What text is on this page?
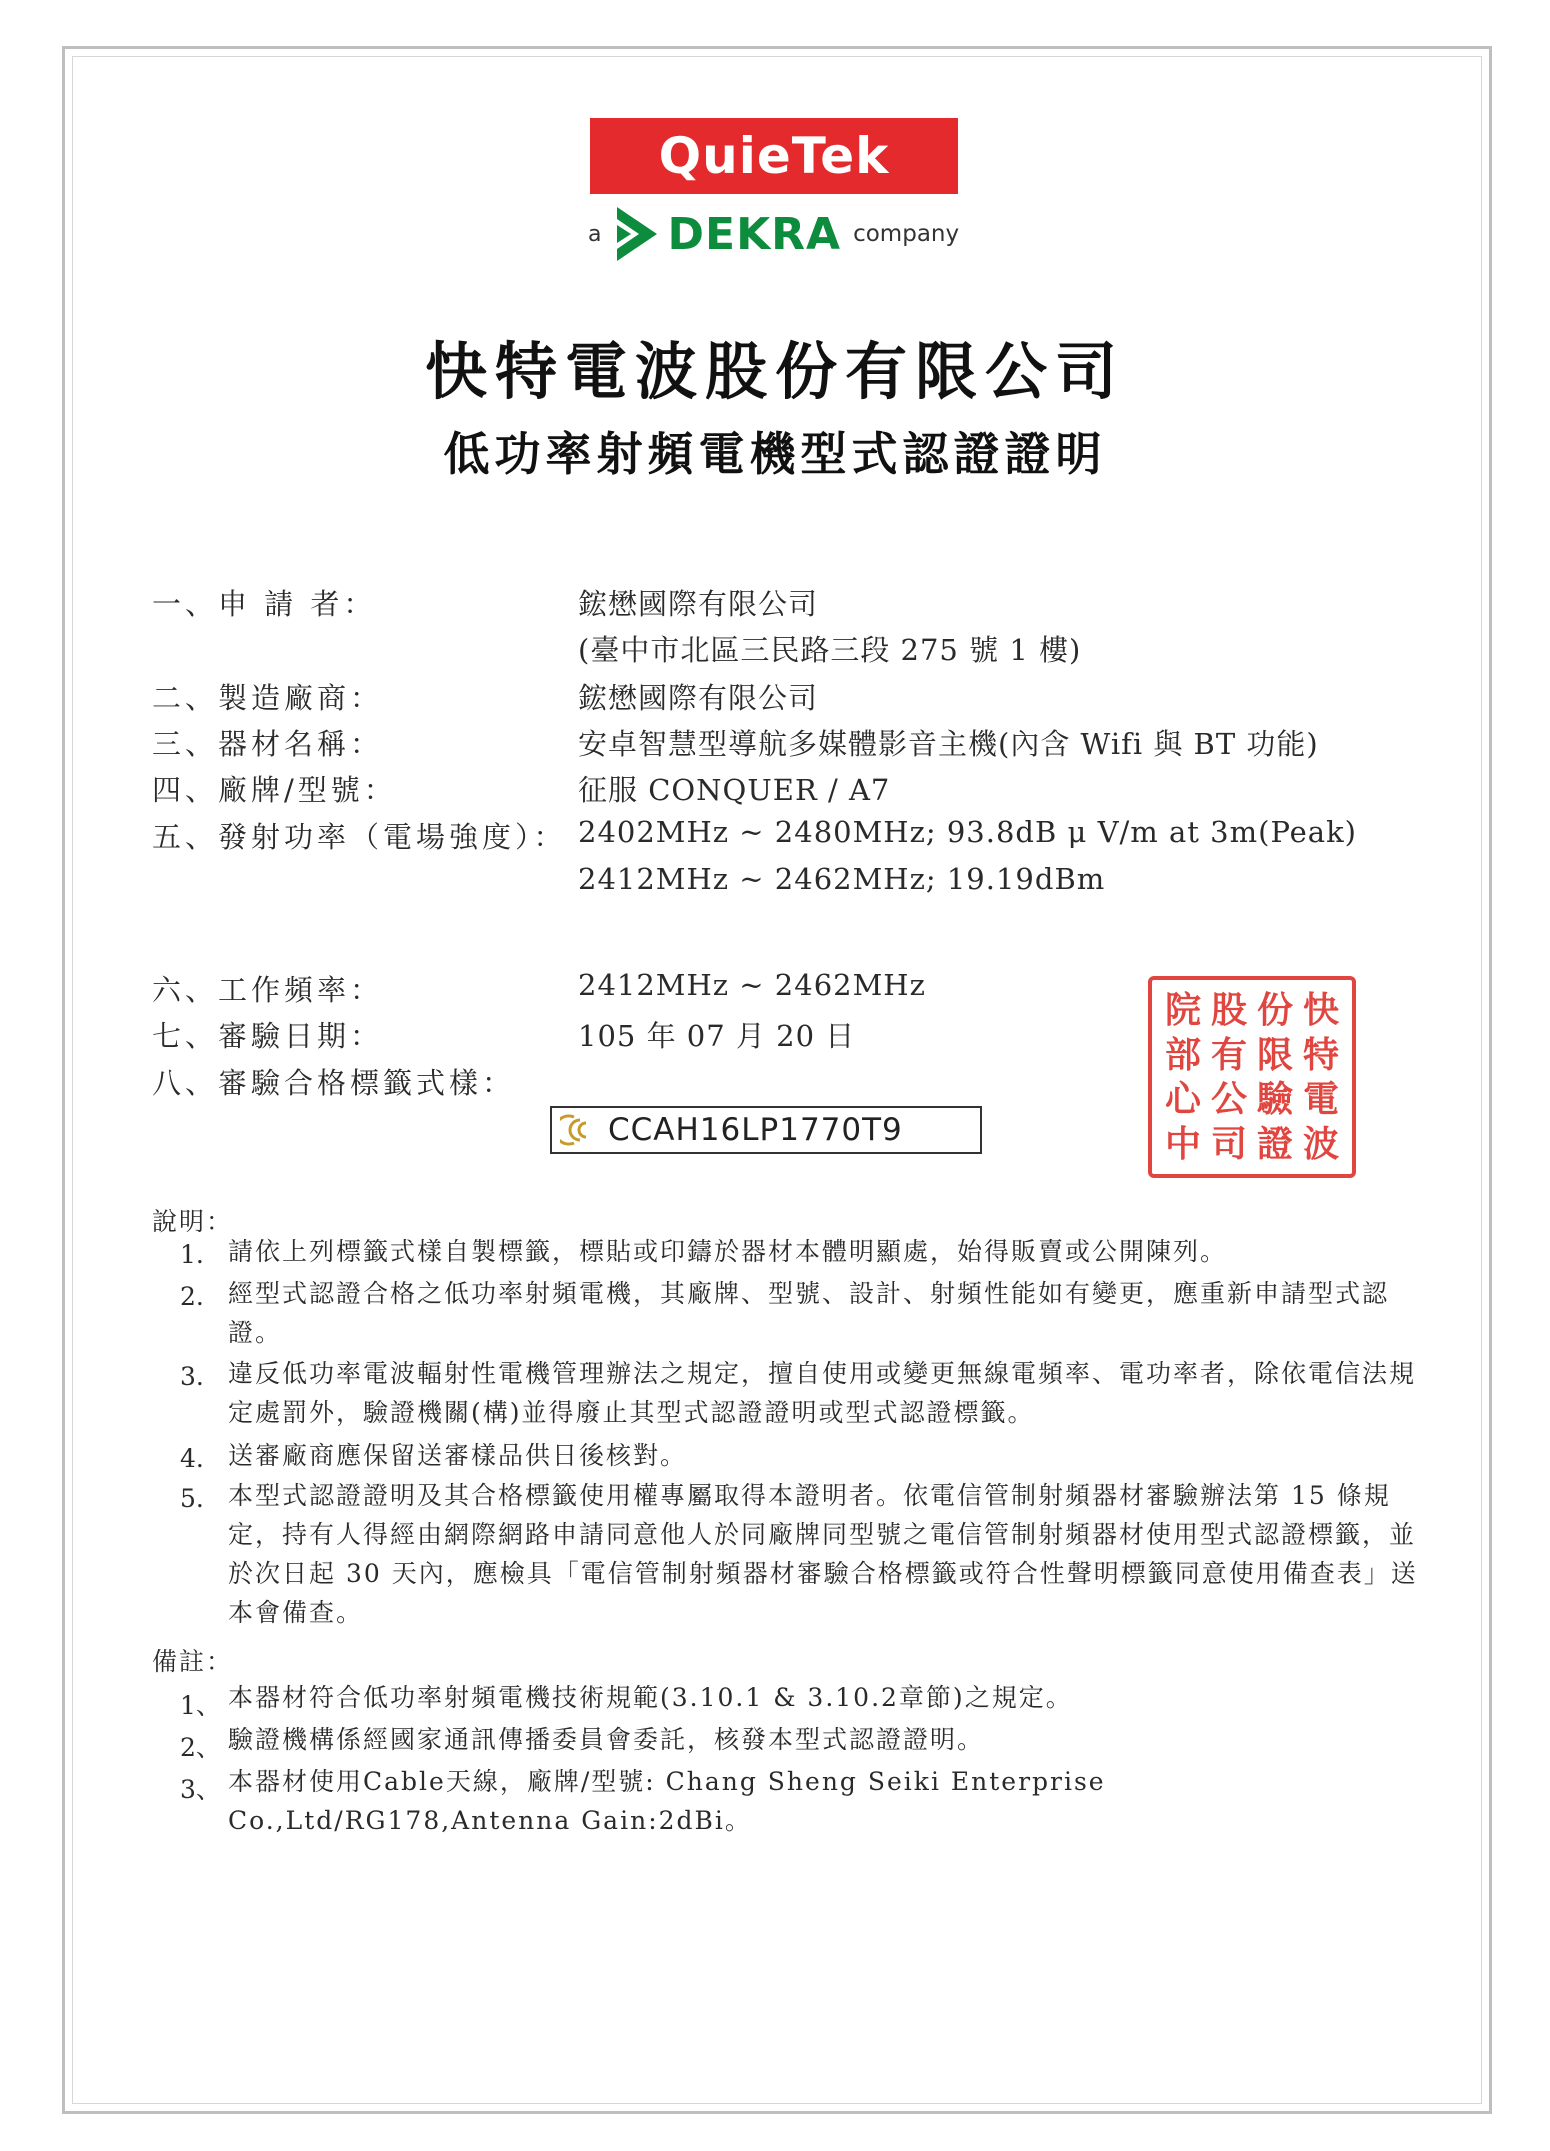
QuieTek
a DEKRA company
快特電波股份有限公司
低功率射頻電機型式認證證明
一、申 請 者：	鋐懋國際有限公司
(臺中市北區三民路三段 275 號 1 樓)
二、製造廠商：	鋐懋國際有限公司
三、器材名稱：	安卓智慧型導航多媒體影音主機(內含 Wifi 與 BT 功能)
四、廠牌/型號：	征服 CONQUER / A7
五、發射功率（電場強度）： 2402MHz ~ 2480MHz; 93.8dB μ V/m at 3m(Peak)
2412MHz ~ 2462MHz; 19.19dBm
六、工作頻率：	2412MHz ~ 2462MHz
七、審驗日期：	105 年 07 月 20 日
八、審驗合格標籤式樣：
CCAH16LP1770T9
院 股 份 快
部 有 限 特
心 公 驗 電
中 司 證 波
說明：
1. 請依上列標籤式樣自製標籤，標貼或印鑄於器材本體明顯處，始得販賣或公開陳列。
2. 經型式認證合格之低功率射頻電機，其廠牌、型號、設計、射頻性能如有變更，應重新申請型式認證。
3. 違反低功率電波輻射性電機管理辦法之規定，擅自使用或變更無線電頻率、電功率者，除依電信法規定處罰外，驗證機關(構)並得廢止其型式認證證明或型式認證標籤。
4. 送審廠商應保留送審樣品供日後核對。
5. 本型式認證證明及其合格標籤使用權專屬取得本證明者。依電信管制射頻器材審驗辦法第 15 條規定，持有人得經由網際網路申請同意他人於同廠牌同型號之電信管制射頻器材使用型式認證標籤，並於次日起 30 天內，應檢具「電信管制射頻器材審驗合格標籤或符合性聲明標籤同意使用備查表」送本會備查。
備註：
1、 本器材符合低功率射頻電機技術規範(3.10.1 & 3.10.2章節)之規定。
2、 驗證機構係經國家通訊傳播委員會委託，核發本型式認證證明。
3、 本器材使用Cable天線，廠牌/型號: Chang Sheng Seiki Enterprise Co.,Ltd/RG178,Antenna Gain:2dBi。
